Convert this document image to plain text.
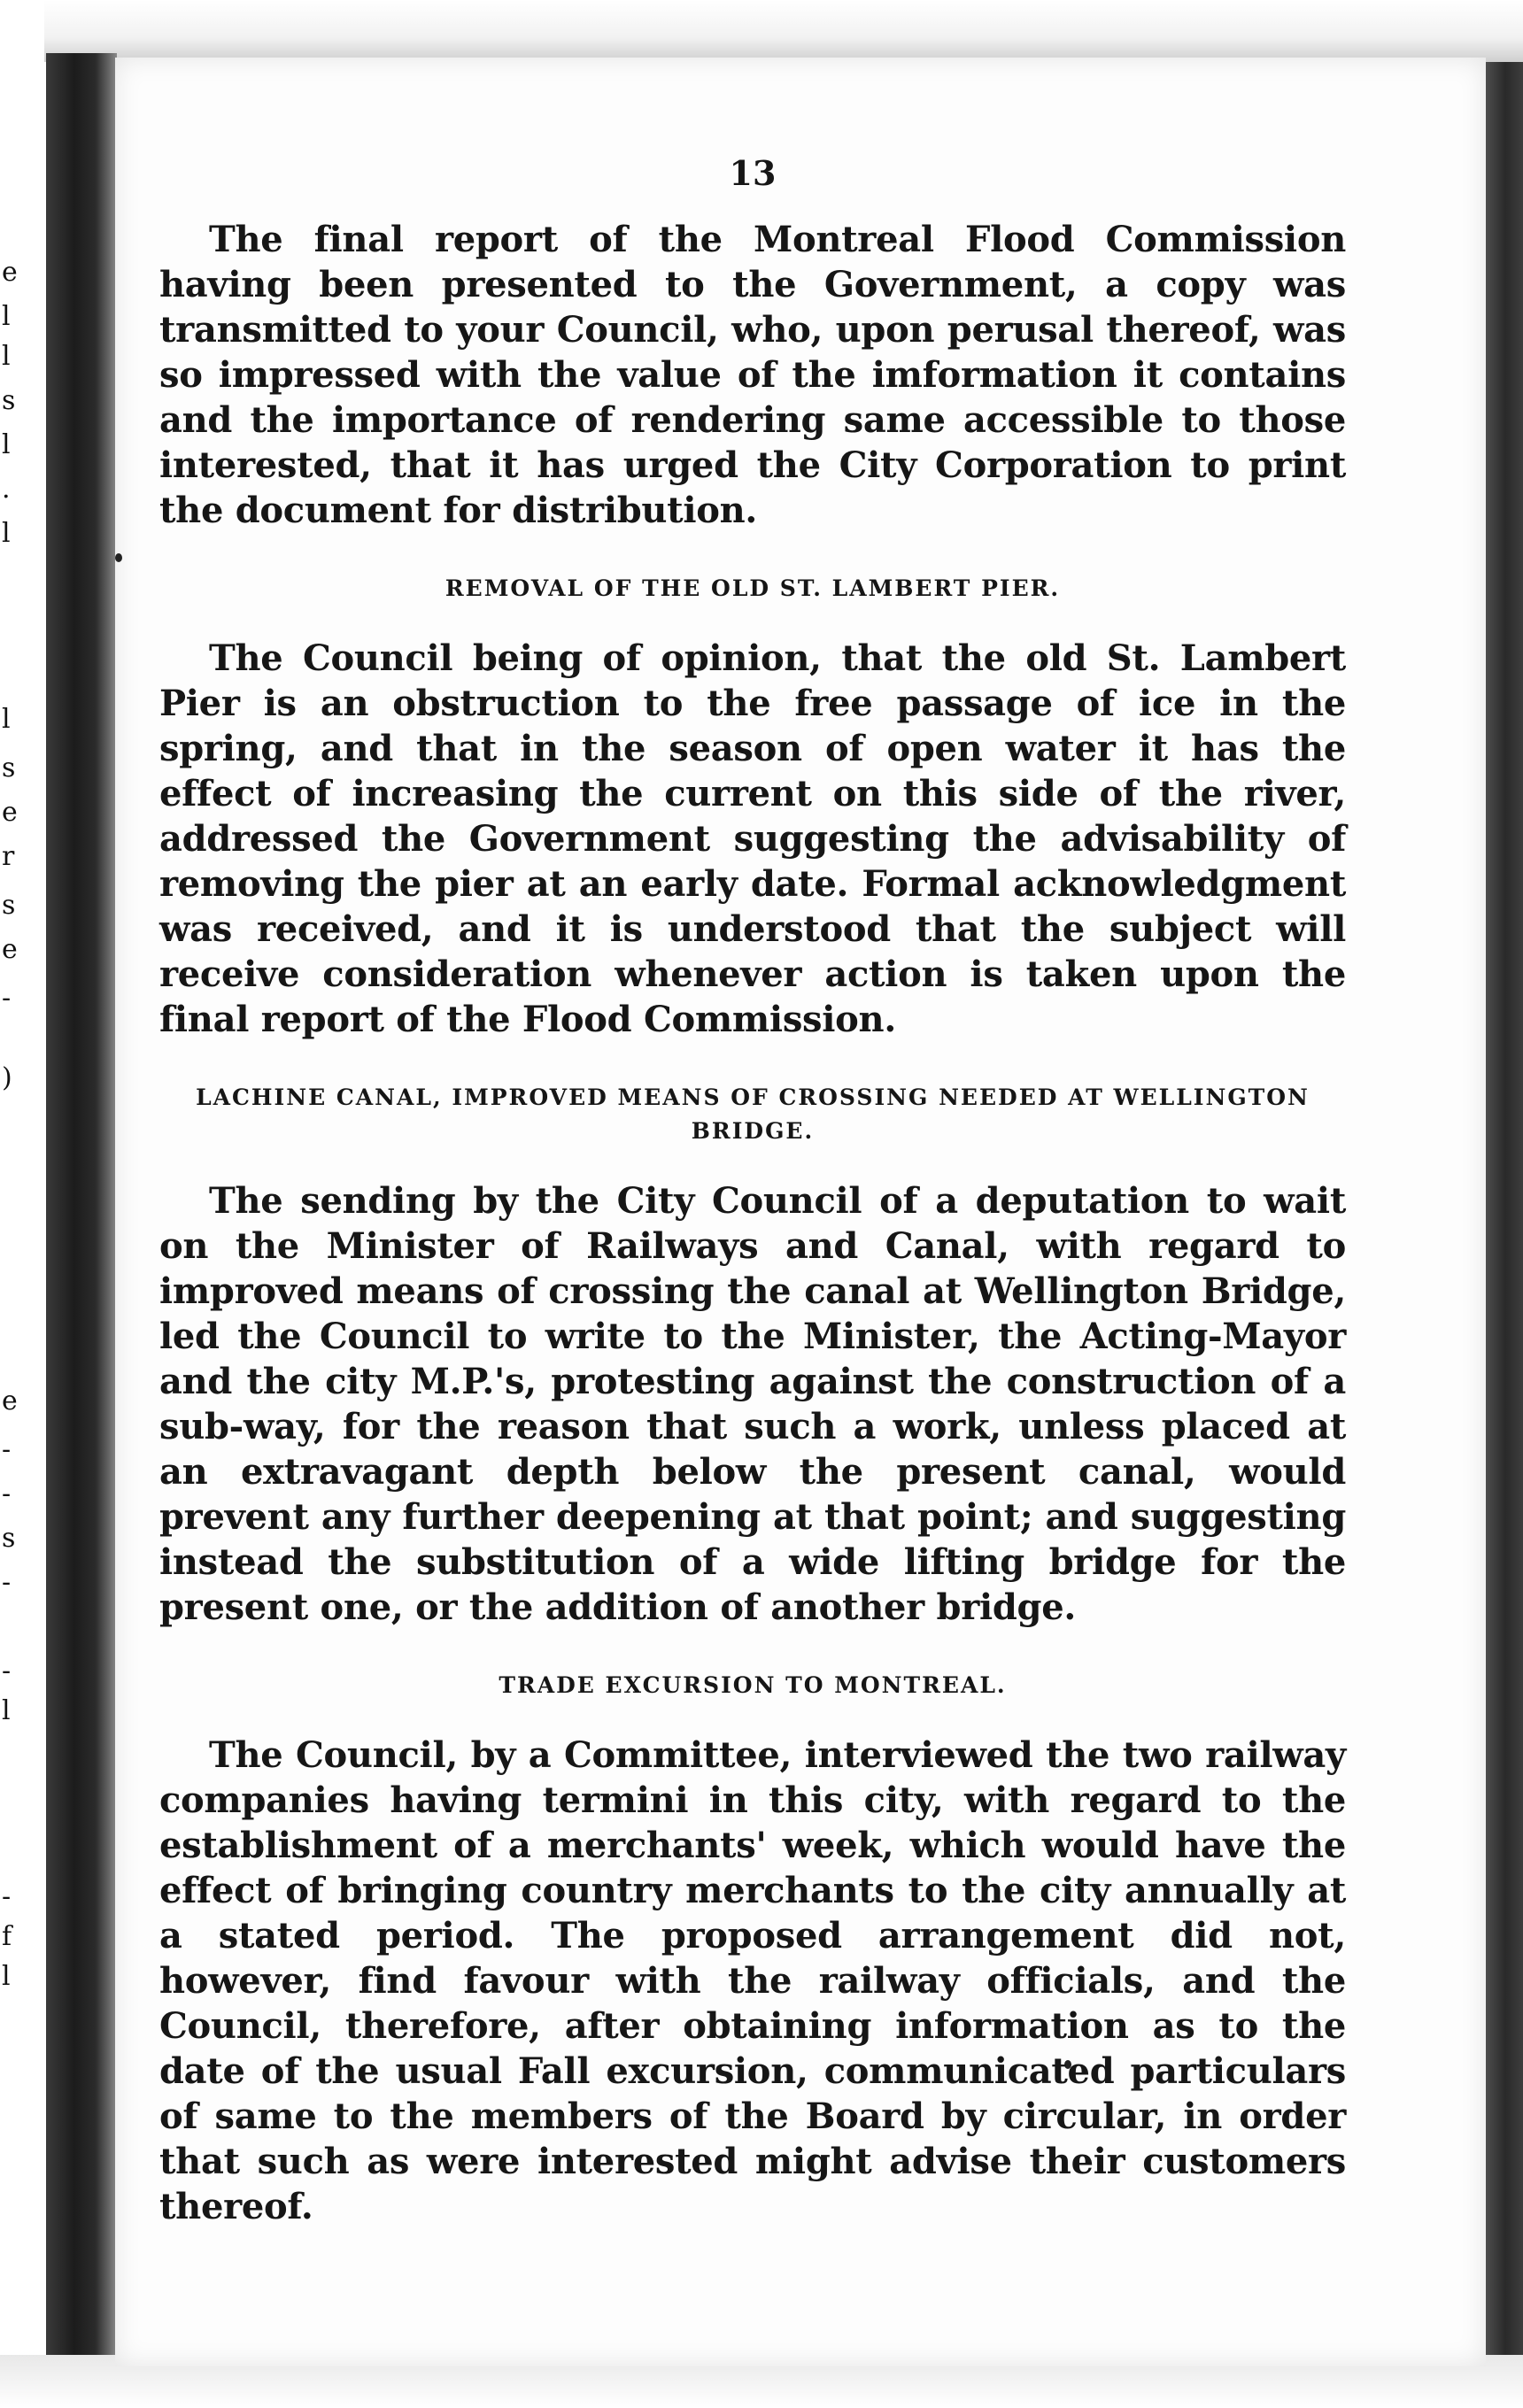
e
l
l
s
l
.
l
l
s
e
r
s
e
-
)
e
-
-
s
-
-
l
-
f
l
13

The final report of the Montreal Flood Commission having been presented to the Government, a copy was transmitted to your Council, who, upon perusal thereof, was so impressed with the value of the imformation it contains and the importance of rendering same accessible to those interested, that it has urged the City Corporation to print the document for distribution.

REMOVAL OF THE OLD ST. LAMBERT PIER.

The Council being of opinion, that the old St. Lambert Pier is an obstruction to the free passage of ice in the spring, and that in the season of open water it has the effect of increasing the current on this side of the river, addressed the Government suggesting the advisability of removing the pier at an early date. Formal acknowledgment was received, and it is understood that the subject will receive consideration whenever action is taken upon the final report of the Flood Commission.

LACHINE CANAL, IMPROVED MEANS OF CROSSING NEEDED AT WELLINGTON BRIDGE.

The sending by the City Council of a deputation to wait on the Minister of Railways and Canal, with regard to improved means of crossing the canal at Wellington Bridge, led the Council to write to the Minister, the Acting-Mayor and the city M.P.'s, protesting against the construction of a sub-way, for the reason that such a work, unless placed at an extravagant depth below the present canal, would prevent any further deepening at that point; and suggesting instead the substitution of a wide lifting bridge for the present one, or the addition of another bridge.

TRADE EXCURSION TO MONTREAL.

The Council, by a Committee, interviewed the two railway companies having termini in this city, with regard to the establishment of a merchants' week, which would have the effect of bringing country merchants to the city annually at a stated period. The proposed arrangement did not, however, find favour with the railway officials, and the Council, therefore, after obtaining information as to the date of the usual Fall excursion, communicated particulars of same to the members of the Board by circular, in order that such as were interested might advise their customers thereof.
